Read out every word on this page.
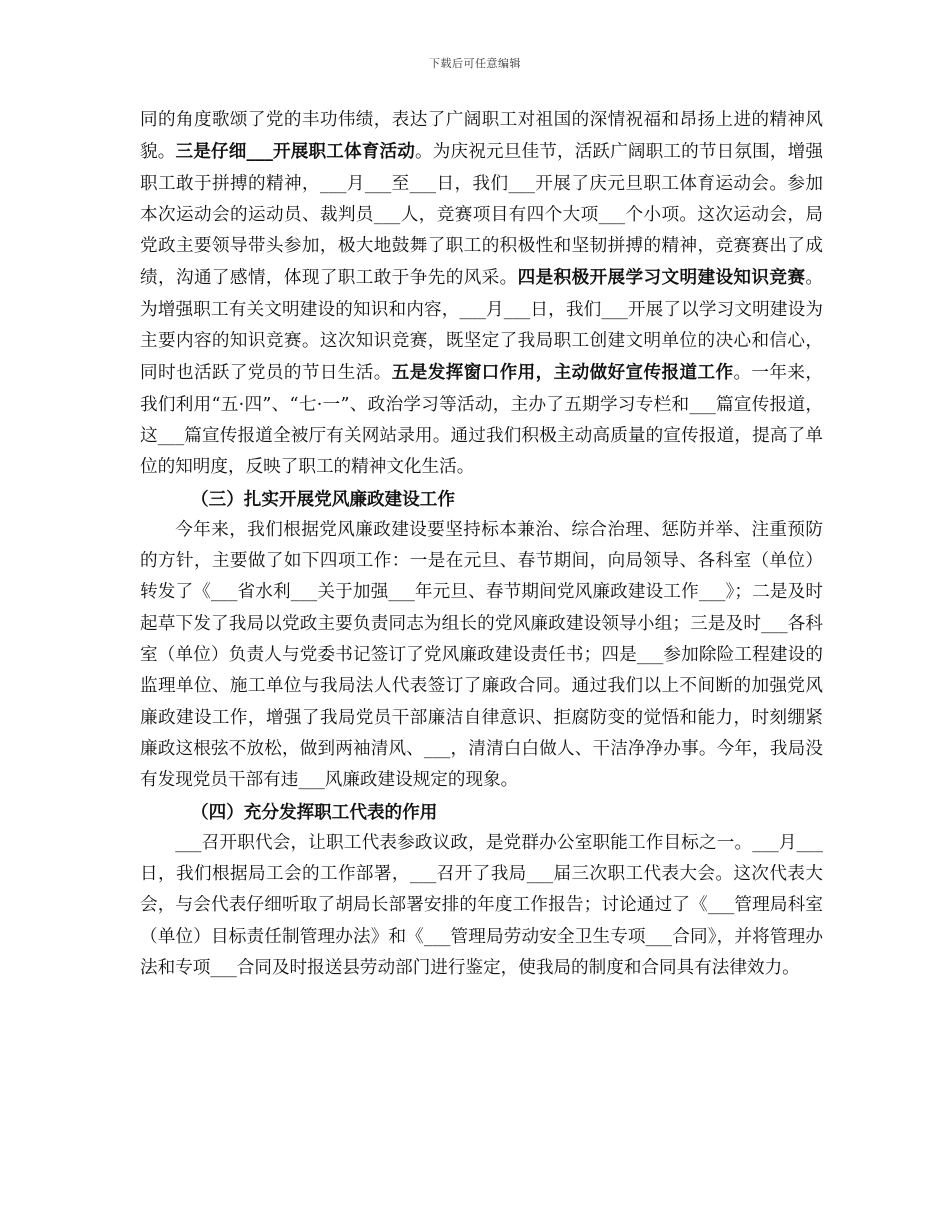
下载后可任意编辑

同的角度歌颂了党的丰功伟绩，表达了广阔职工对祖国的深情祝福和昂扬上进的精神风貌。三是仔细___开展职工体育活动。为庆祝元旦佳节，活跃广阔职工的节日氛围，增强职工敢于拼搏的精神，___月___至___日，我们___开展了庆元旦职工体育运动会。参加本次运动会的运动员、裁判员___人，竞赛项目有四个大项___个小项。这次运动会，局党政主要领导带头参加，极大地鼓舞了职工的积极性和坚韧拼搏的精神，竞赛赛出了成绩，沟通了感情，体现了职工敢于争先的风采。四是积极开展学习文明建设知识竞赛。为增强职工有关文明建设的知识和内容，___月___日，我们___开展了以学习文明建设为主要内容的知识竞赛。这次知识竞赛，既坚定了我局职工创建文明单位的决心和信心，同时也活跃了党员的节日生活。五是发挥窗口作用，主动做好宣传报道工作。一年来，我们利用“五·四”、“七·一”、政治学习等活动，主办了五期学习专栏和___篇宣传报道，这___篇宣传报道全被厅有关网站录用。通过我们积极主动高质量的宣传报道，提高了单位的知明度，反映了职工的精神文化生活。

（三）扎实开展党风廉政建设工作

今年来，我们根据党风廉政建设要坚持标本兼治、综合治理、惩防并举、注重预防的方针，主要做了如下四项工作：一是在元旦、春节期间，向局领导、各科室（单位）转发了《___省水利___关于加强___年元旦、春节期间党风廉政建设工作___》；二是及时起草下发了我局以党政主要负责同志为组长的党风廉政建设领导小组；三是及时___各科室（单位）负责人与党委书记签订了党风廉政建设责任书；四是___参加除险工程建设的监理单位、施工单位与我局法人代表签订了廉政合同。通过我们以上不间断的加强党风廉政建设工作，增强了我局党员干部廉洁自律意识、拒腐防变的觉悟和能力，时刻绷紧廉政这根弦不放松，做到两袖清风、___，清清白白做人、干洁净净办事。今年，我局没有发现党员干部有违___风廉政建设规定的现象。

（四）充分发挥职工代表的作用

___召开职代会，让职工代表参政议政，是党群办公室职能工作目标之一。___月___日，我们根据局工会的工作部署，___召开了我局___届三次职工代表大会。这次代表大会，与会代表仔细听取了胡局长部署安排的年度工作报告；讨论通过了《___管理局科室（单位）目标责任制管理办法》和《___管理局劳动安全卫生专项___合同》，并将管理办法和专项___合同及时报送县劳动部门进行鉴定，使我局的制度和合同具有法律效力。
